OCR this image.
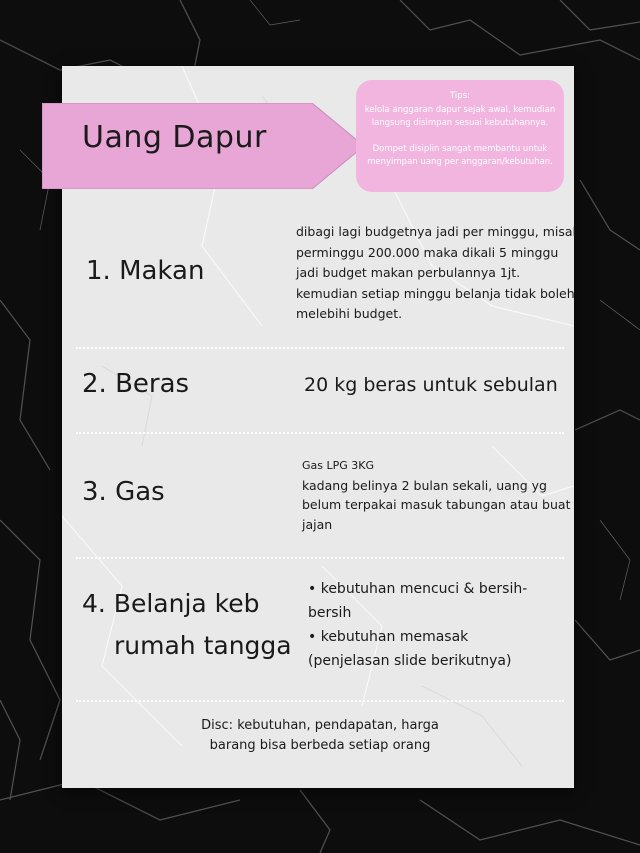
Uang Dapur
Tips:
kelola anggaran dapur sejak awal, kemudian langsung disimpan sesuai kebutuhannya.
Dompet disiplin sangat membantu untuk menyimpan uang per anggaran/kebutuhan.
1. Makan
dibagi lagi budgetnya jadi per minggu, misal
perminggu 200.000 maka dikali 5 minggu
jadi budget makan perbulannya 1jt.
kemudian setiap minggu belanja tidak boleh
melebihi budget.
2. Beras	20 kg beras untuk sebulan
3. Gas
Gas LPG 3KG
kadang belinya 2 bulan sekali, uang yg
belum terpakai masuk tabungan atau buat
jajan
4. Belanja keb
rumah tangga
• kebutuhan mencuci & bersih-
bersih
• kebutuhan memasak
(penjelasan slide berikutnya)
Disc: kebutuhan, pendapatan, harga
barang bisa berbeda setiap orang
